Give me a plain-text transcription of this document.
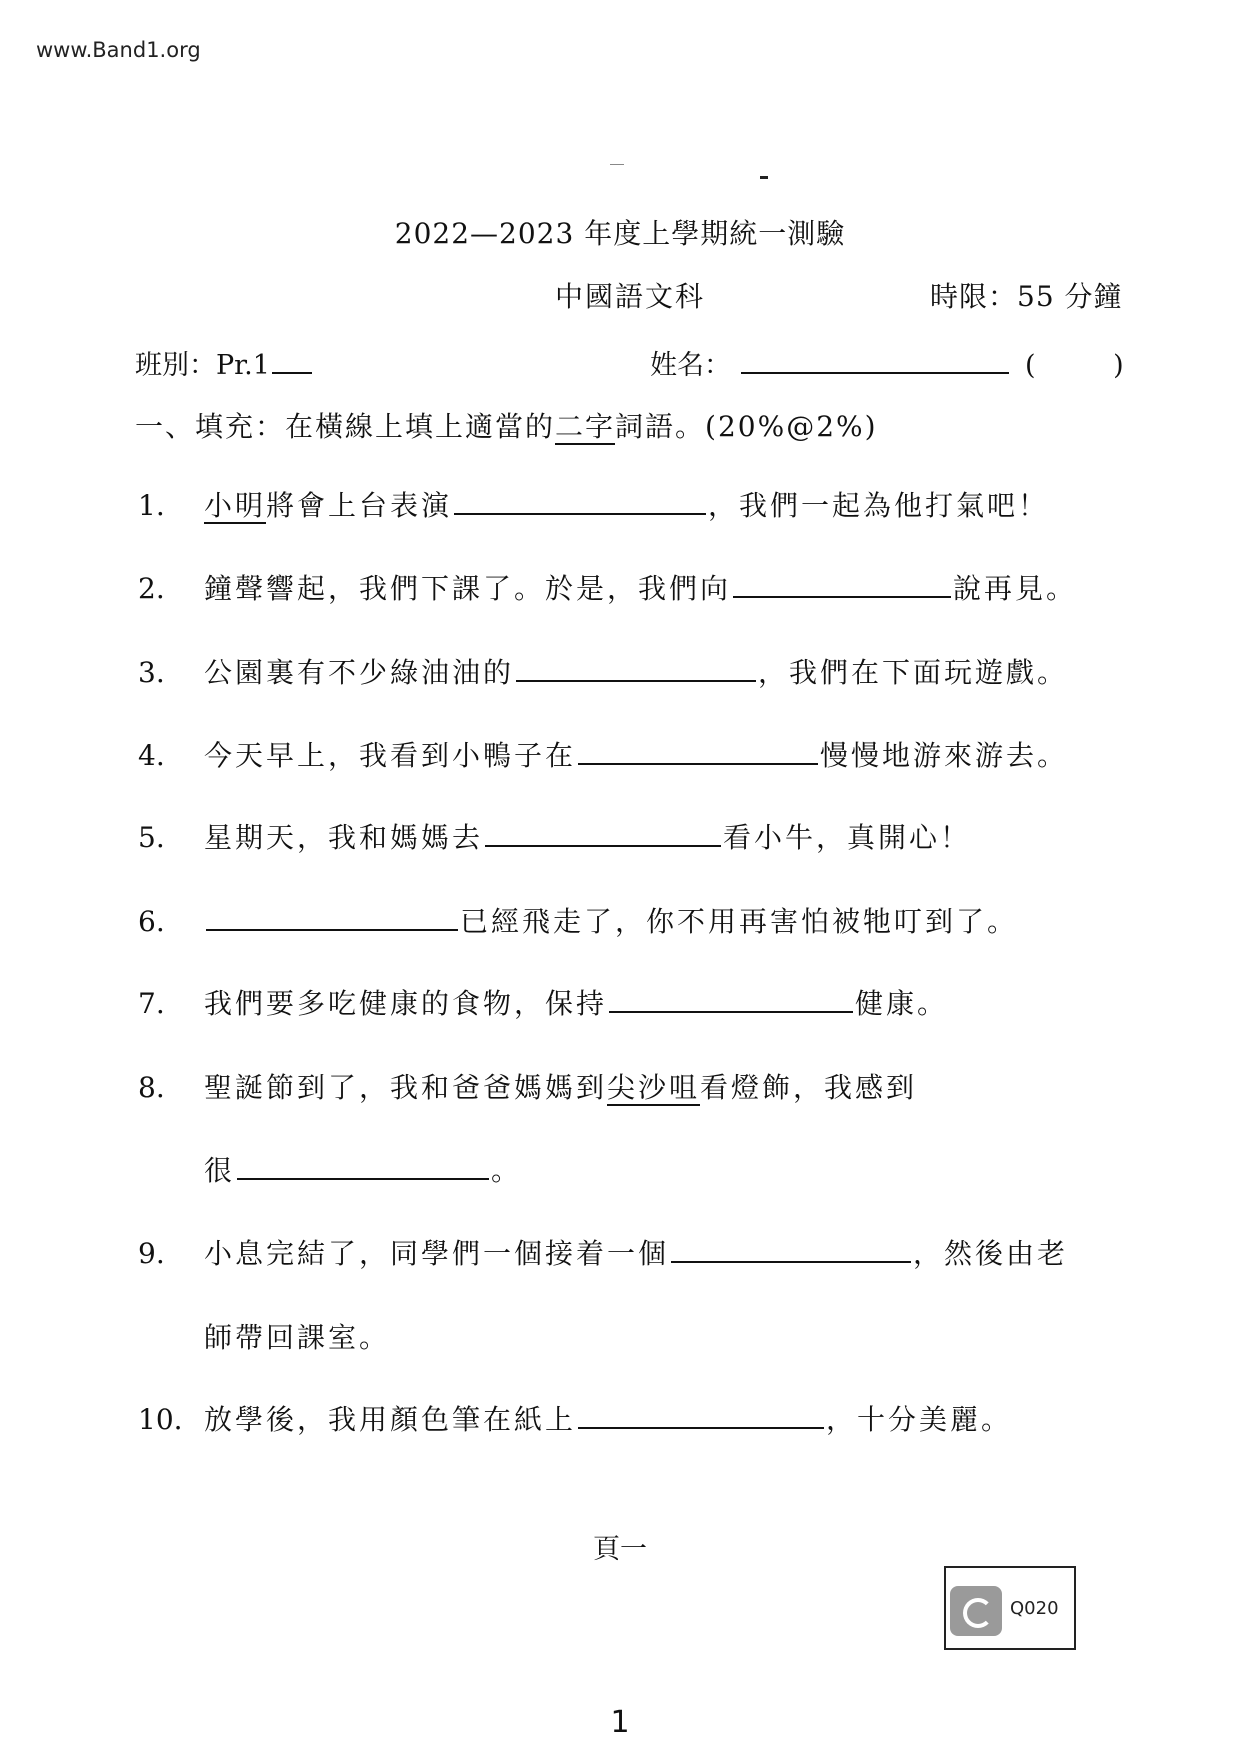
www.Band1.org
2022—2023 年度上學期統一測驗
中國語文科	時限：55 分鐘
班別：Pr.1	姓名：	(　 )
一、填充：在橫線上填上適當的二字詞語。(20%@2%)
1. 小明將會上台表演	，我們一起為他打氣吧！
2. 鐘聲響起，我們下課了。於是，我們向	說再見。
3. 公園裏有不少綠油油的	，我們在下面玩遊戲。
4. 今天早上，我看到小鴨子在	慢慢地游來游去。
5. 星期天，我和媽媽去	看小牛，真開心！
6.	已經飛走了，你不用再害怕被牠叮到了。
7. 我們要多吃健康的食物，保持	健康。
8. 聖誕節到了，我和爸爸媽媽到尖沙咀看燈飾，我感到
很	。
9. 小息完結了，同學們一個接着一個	，然後由老
師帶回課室。
10. 放學後，我用顏色筆在紙上	，十分美麗。
頁一
Q020
1
